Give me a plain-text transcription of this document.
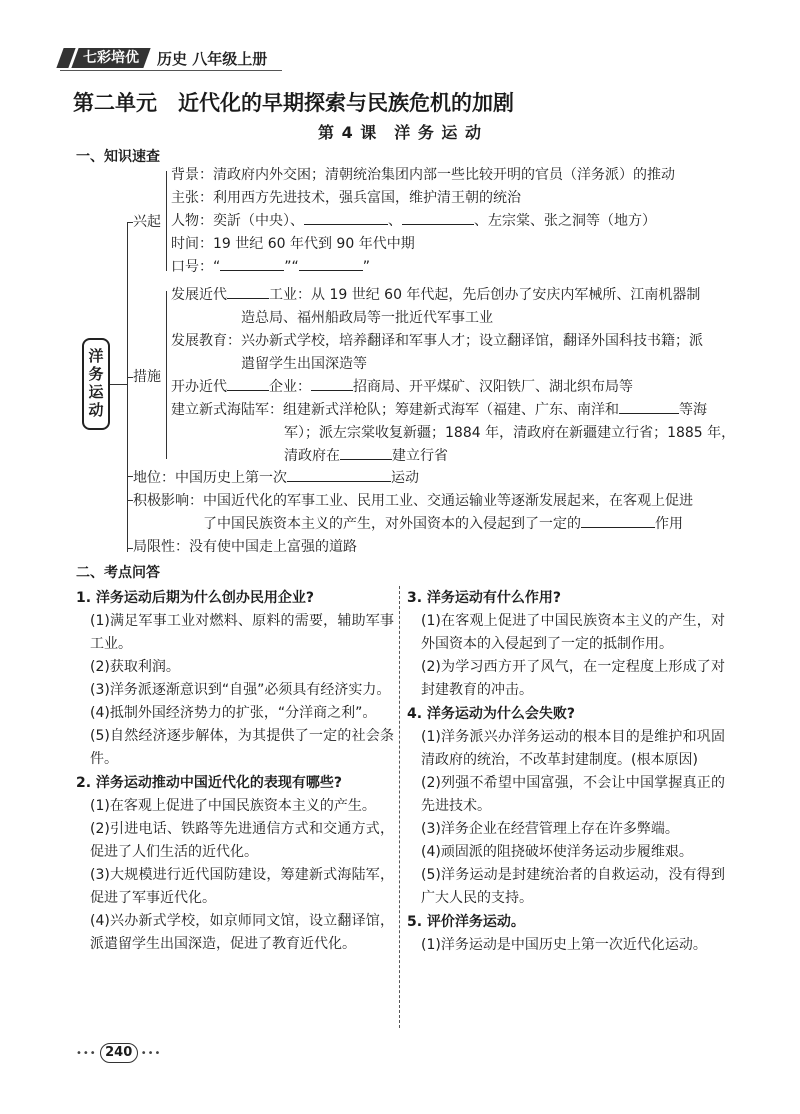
七彩培优	历史 八年级上册
第二单元　近代化的早期探索与民族危机的加剧
第 4 课　洋 务 运 动
一、知识速查
洋务运动
兴起
背景：清政府内外交困；清朝统治集团内部一些比较开明的官员（洋务派）的推动
主张：利用西方先进技术，强兵富国，维护清王朝的统治
人物：奕訢（中央）、	、	、左宗棠、张之洞等（地方）
时间：19 世纪 60 年代到 90 年代中期
口号：“	”“	”
措施
发展近代	工业：从 19 世纪 60 年代起，先后创办了安庆内军械所、江南机器制
造总局、福州船政局等一批近代军事工业
发展教育：兴办新式学校，培养翻译和军事人才；设立翻译馆，翻译外国科技书籍；派
遣留学生出国深造等
开办近代	企业：	招商局、开平煤矿、汉阳铁厂、湖北织布局等
建立新式海陆军：组建新式洋枪队；筹建新式海军（福建、广东、南洋和	等海
军）；派左宗棠收复新疆；1884 年，清政府在新疆建立行省；1885 年，
清政府在	建立行省
地位：中国历史上第一次	运动
积极影响：中国近代化的军事工业、民用工业、交通运输业等逐渐发展起来，在客观上促进
了中国民族资本主义的产生，对外国资本的入侵起到了一定的	作用
局限性：没有使中国走上富强的道路
二、考点问答
1. 洋务运动后期为什么创办民用企业?
(1)满足军事工业对燃料、原料的需要，辅助军事工业。
(2)获取利润。
(3)洋务派逐渐意识到“自强”必须具有经济实力。
(4)抵制外国经济势力的扩张，“分洋商之利”。
(5)自然经济逐步解体，为其提供了一定的社会条件。
2. 洋务运动推动中国近代化的表现有哪些?
(1)在客观上促进了中国民族资本主义的产生。
(2)引进电话、铁路等先进通信方式和交通方式，促进了人们生活的近代化。
(3)大规模进行近代国防建设，筹建新式海陆军，促进了军事近代化。
(4)兴办新式学校，如京师同文馆，设立翻译馆，派遣留学生出国深造，促进了教育近代化。
3. 洋务运动有什么作用?
(1)在客观上促进了中国民族资本主义的产生，对外国资本的入侵起到了一定的抵制作用。
(2)为学习西方开了风气，在一定程度上形成了对封建教育的冲击。
4. 洋务运动为什么会失败?
(1)洋务派兴办洋务运动的根本目的是维护和巩固清政府的统治，不改革封建制度。(根本原因)
(2)列强不希望中国富强，不会让中国掌握真正的先进技术。
(3)洋务企业在经营管理上存在许多弊端。
(4)顽固派的阻挠破坏使洋务运动步履维艰。
(5)洋务运动是封建统治者的自救运动，没有得到广大人民的支持。
5. 评价洋务运动。
(1)洋务运动是中国历史上第一次近代化运动。
••• 240 •••
